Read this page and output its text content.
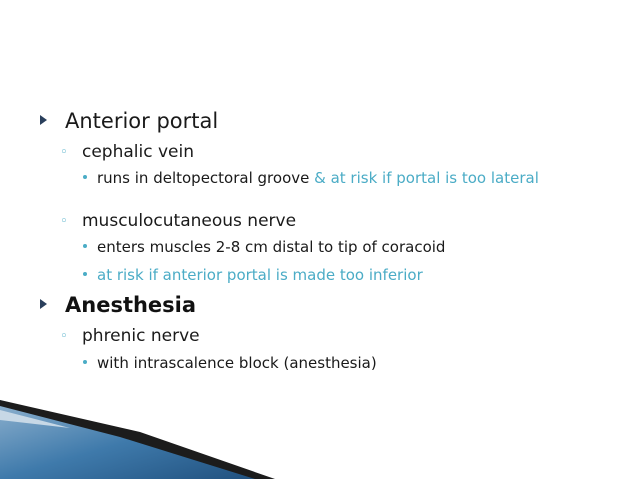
Anterior portal
◦ cephalic vein
runs in deltopectoral groove & at risk if portal is too lateral
◦ musculocutaneous nerve
enters muscles 2-8 cm distal to tip of coracoid
at risk if anterior portal is made too inferior
Anesthesia
◦ phrenic nerve
with intrascalence block (anesthesia)
